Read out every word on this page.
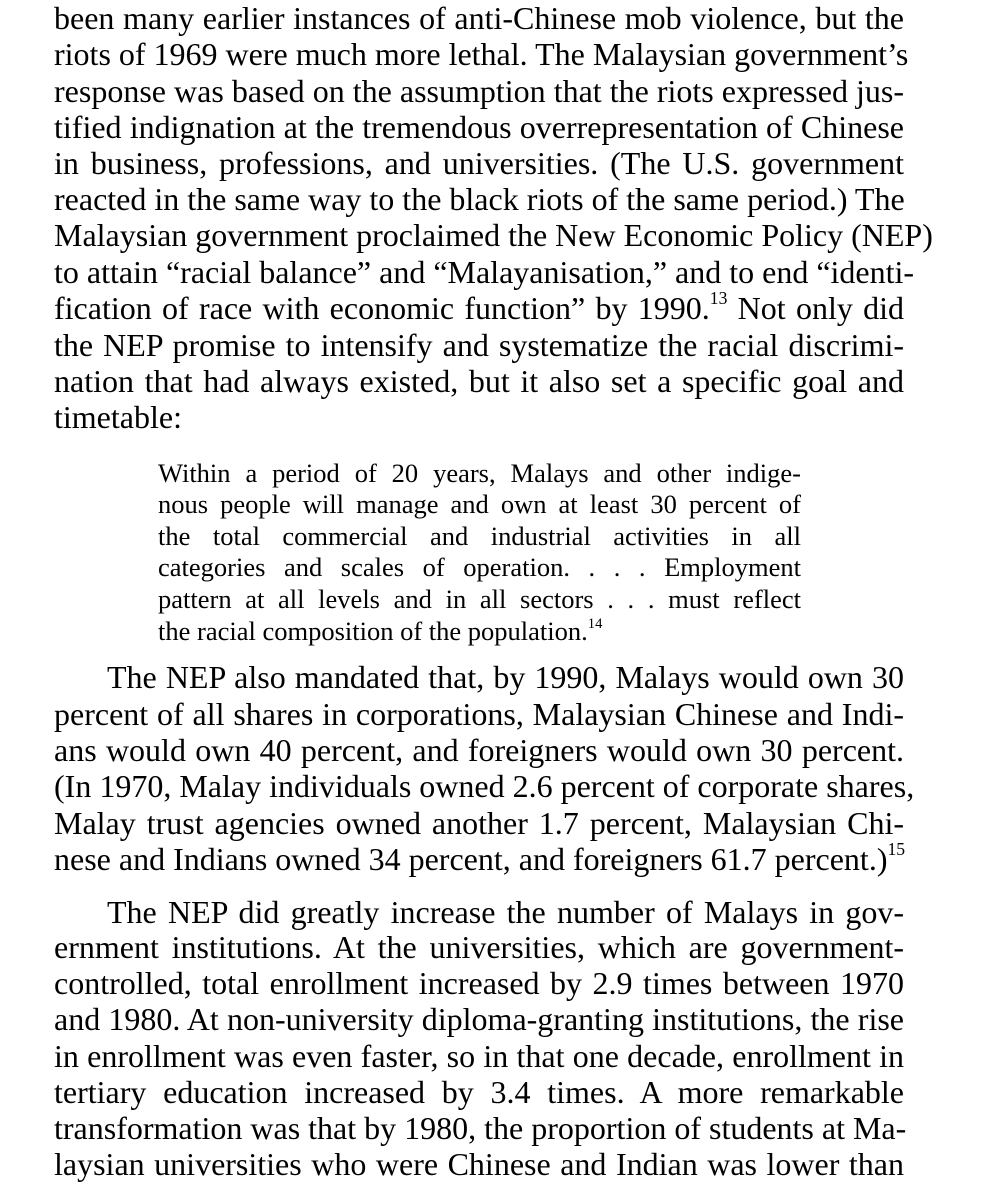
been many earlier instances of anti-Chinese mob violence, but the
riots of 1969 were much more lethal. The Malaysian government’s
response was based on the assumption that the riots expressed jus-
tified indignation at the tremendous overrepresentation of Chinese
in business, professions, and universities. (The U.S. government
reacted in the same way to the black riots of the same period.) The
Malaysian government proclaimed the New Economic Policy (NEP)
to attain “racial balance” and “Malayanisation,” and to end “identi-
fication of race with economic function” by 1990.13 Not only did
the NEP promise to intensify and systematize the racial discrimi-
nation that had always existed, but it also set a specific goal and
timetable:
Within a period of 20 years, Malays and other indige-
nous people will manage and own at least 30 percent of
the total commercial and industrial activities in all
categories and scales of operation. . . . Employment
pattern at all levels and in all sectors . . . must reflect
the racial composition of the population.$^{14}$
The NEP also mandated that, by 1990, Malays would own 30
percent of all shares in corporations, Malaysian Chinese and Indi-
ans would own 40 percent, and foreigners would own 30 percent.
(In 1970, Malay individuals owned 2.6 percent of corporate shares,
Malay trust agencies owned another 1.7 percent, Malaysian Chi-
nese and Indians owned 34 percent, and foreigners 61.7 percent.)$^{15}$
The NEP did greatly increase the number of Malays in gov-
ernment institutions. At the universities, which are government-
controlled, total enrollment increased by 2.9 times between 1970
and 1980. At non-university diploma-granting institutions, the rise
in enrollment was even faster, so in that one decade, enrollment in
tertiary education increased by 3.4 times. A more remarkable
transformation was that by 1980, the proportion of students at Ma-
laysian universities who were Chinese and Indian was lower than
